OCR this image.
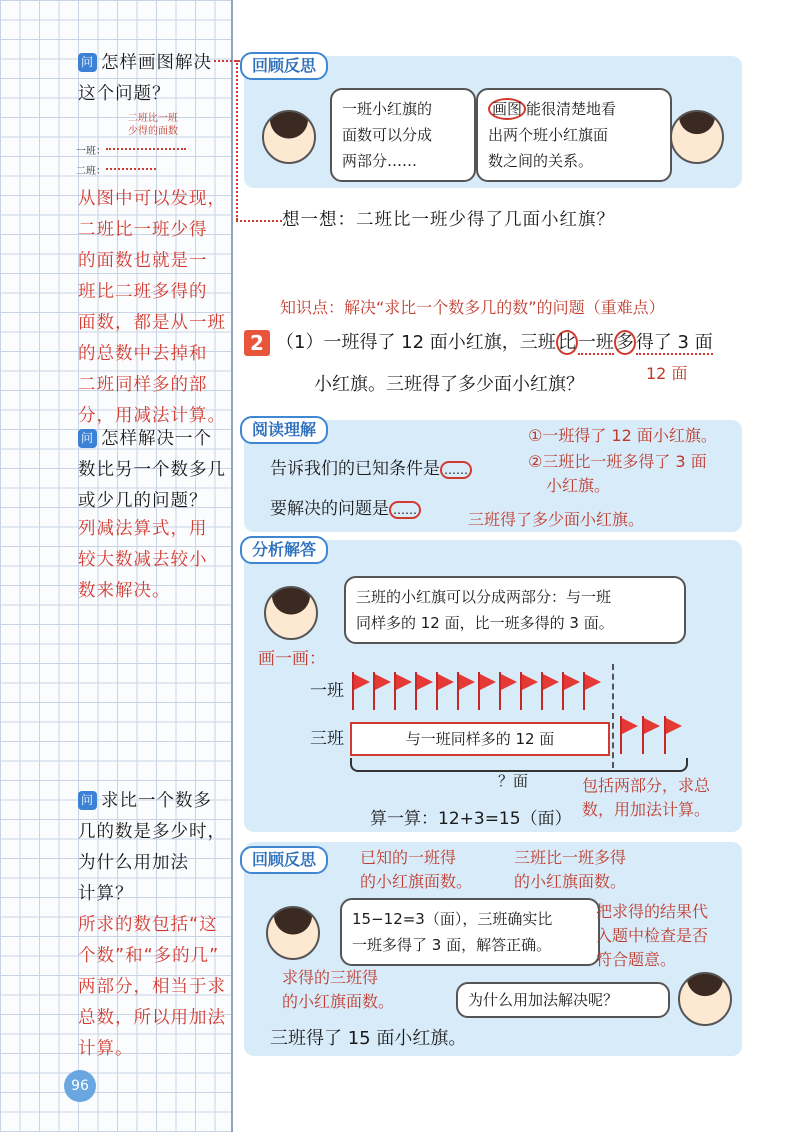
问 怎样画图解决
这个问题？
二班比一班
少得的面数
一班：
二班：
从图中可以发现，
二班比一班少得
的面数也就是一
班比二班多得的
面数，都是从一班
的总数中去掉和
二班同样多的部
分，用减法计算。
问 怎样解决一个
数比另一个数多几
或少几的问题？
列减法算式，用
较大数减去较小
数来解决。
问 求比一个数多
几的数是多少时，
为什么用加法
计算？
所求的数包括“这
个数”和“多的几”
两部分，相当于求
总数，所以用加法
计算。
96
回顾反思
一班小红旗的
面数可以分成
两部分……
画图 能很清楚地看
出两个班小红旗面
数之间的关系。
想一想：二班比一班少得了几面小红旗？
知识点：解决“求比一个数多几的数”的问题（重难点）
2 （1）一班得了 12 面小红旗，三班 比 一班 多 得了 3 面
小红旗。三班得了多少面小红旗？
12 面
阅读理解
告诉我们的已知条件是 ……
①一班得了 12 面小红旗。
②三班比一班多得了 3 面
小红旗。
要解决的问题是 ……	三班得了多少面小红旗。
分析解答
三班的小红旗可以分成两部分：与一班
同样多的 12 面，比一班多得的 3 面。
画一画：
一班
三班	与一班同样多的 12 面
？面	包括两部分，求总
数，用加法计算。
算一算：12+3=15（面）
回顾反思	已知的一班得
的小红旗面数。
三班比一班多得
的小红旗面数。
15−12=3（面），三班确实比
一班多得了 3 面，解答正确。
把求得的结果代
入题中检查是否
符合题意。
求得的三班得
的小红旗面数。	为什么用加法解决呢？
三班得了 15 面小红旗。
